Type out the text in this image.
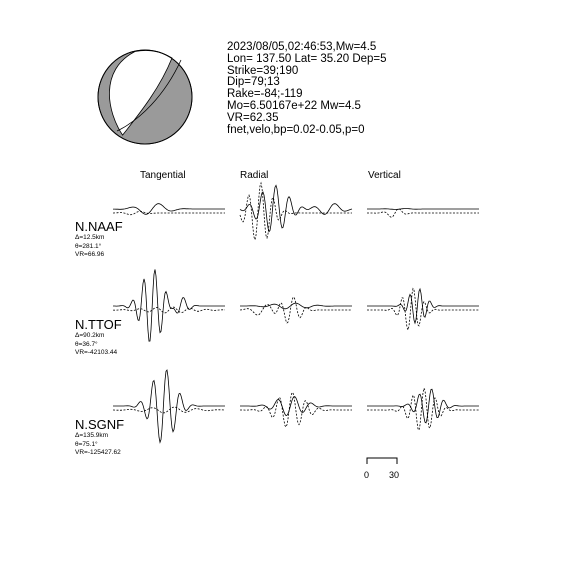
2023/08/05,02:46:53,Mw=4.5
Lon= 137.50 Lat= 35.20 Dep=5
Strike=39;190
Dip=79;13
Rake=-84;-119
Mo=6.50167e+22 Mw=4.5
VR=62.35
fnet,velo,bp=0.02-0.05,p=0
Tangential	Radial	Vertical
N.NAAF
Δ=12.5km
θ=281.1°
VR=66.96
N.TTOF
Δ=90.2km
θ=36.7°
VR=-42103.44
N.SGNF
Δ=135.9km
θ=75.1°
VR=-125427.62
0 30
